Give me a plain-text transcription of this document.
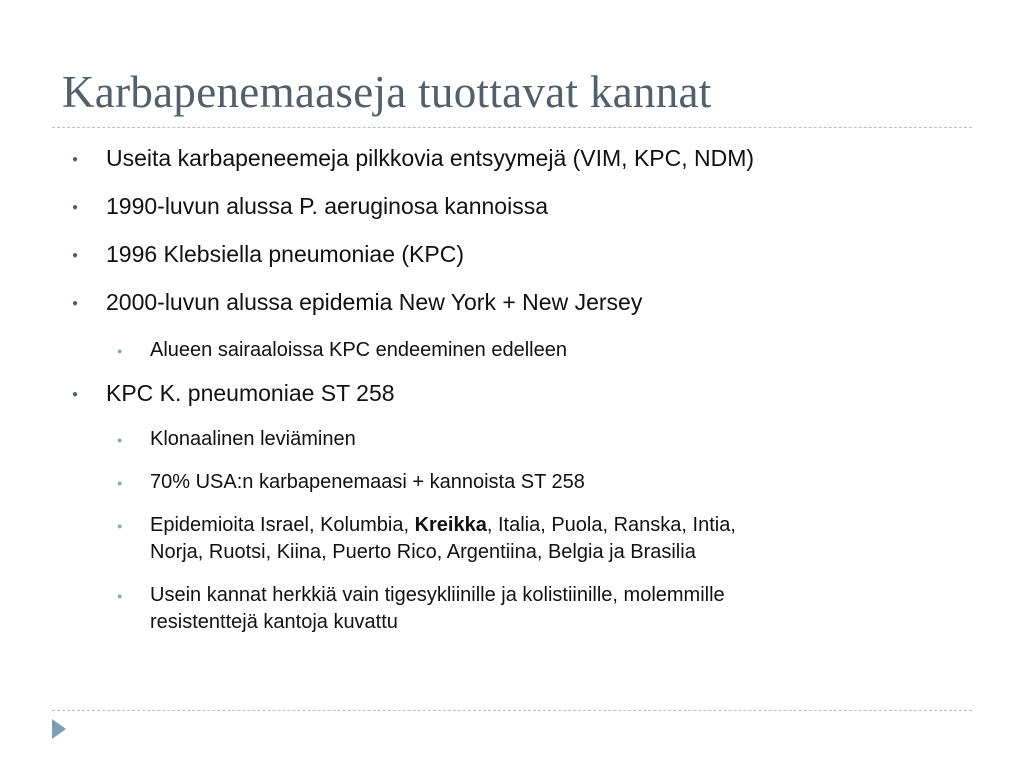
Karbapenemaaseja tuottavat kannat
● Useita karbapeneemeja pilkkovia entsyymejä (VIM, KPC, NDM)
● 1990-luvun alussa P. aeruginosa kannoissa
● 1996 Klebsiella pneumoniae (KPC)
● 2000-luvun alussa epidemia New York + New Jersey
● Alueen sairaaloissa KPC endeeminen edelleen
● KPC K. pneumoniae ST 258
● Klonaalinen leviäminen
● 70% USA:n karbapenemaasi + kannoista ST 258
● Epidemioita Israel, Kolumbia, Kreikka, Italia, Puola, Ranska, Intia,
Norja, Ruotsi, Kiina, Puerto Rico, Argentiina, Belgia ja Brasilia
● Usein kannat herkkiä vain tigesykliinille ja kolistiinille, molemmille
resistenttejä kantoja kuvattu
